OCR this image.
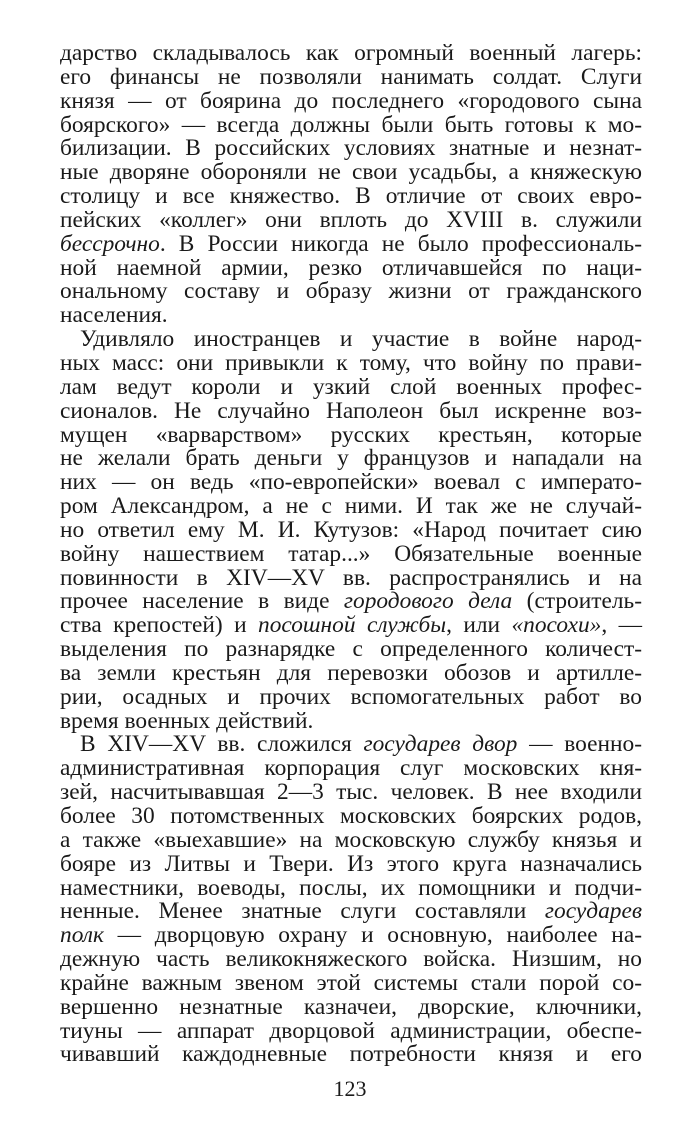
дарство складывалось как огромный военный лагерь:
его финансы не позволяли нанимать солдат. Слуги
князя — от боярина до последнего «городового сына
боярского» — всегда должны были быть готовы к мо-
билизации. В российских условиях знатные и незнат-
ные дворяне обороняли не свои усадьбы, а княжескую
столицу и все княжество. В отличие от своих евро-
пейских «коллег» они вплоть до XVIII в. служили
бессрочно. В России никогда не было профессиональ-
ной наемной армии, резко отличавшейся по наци-
ональному составу и образу жизни от гражданского
населения.
Удивляло иностранцев и участие в войне народ-
ных масс: они привыкли к тому, что войну по прави-
лам ведут короли и узкий слой военных профес-
сионалов. Не случайно Наполеон был искренне воз-
мущен «варварством» русских крестьян, которые
не желали брать деньги у французов и нападали на
них — он ведь «по-европейски» воевал с императо-
ром Александром, а не с ними. И так же не случай-
но ответил ему М. И. Кутузов: «Народ почитает сию
войну нашествием татар...» Обязательные военные
повинности в XIV—XV вв. распространялись и на
прочее население в виде городового дела (строитель-
ства крепостей) и посошной службы, или «посохи», —
выделения по разнарядке с определенного количест-
ва земли крестьян для перевозки обозов и артилле-
рии, осадных и прочих вспомогательных работ во
время военных действий.
В XIV—XV вв. сложился государев двор — военно-
административная корпорация слуг московских кня-
зей, насчитывавшая 2—3 тыс. человек. В нее входили
более 30 потомственных московских боярских родов,
а также «выехавшие» на московскую службу князья и
бояре из Литвы и Твери. Из этого круга назначались
наместники, воеводы, послы, их помощники и подчи-
ненные. Менее знатные слуги составляли государев
полк — дворцовую охрану и основную, наиболее на-
дежную часть великокняжеского войска. Низшим, но
крайне важным звеном этой системы стали порой со-
вершенно незнатные казначеи, дворские, ключники,
тиуны — аппарат дворцовой администрации, обеспе-
чивавший каждодневные потребности князя и его
123
